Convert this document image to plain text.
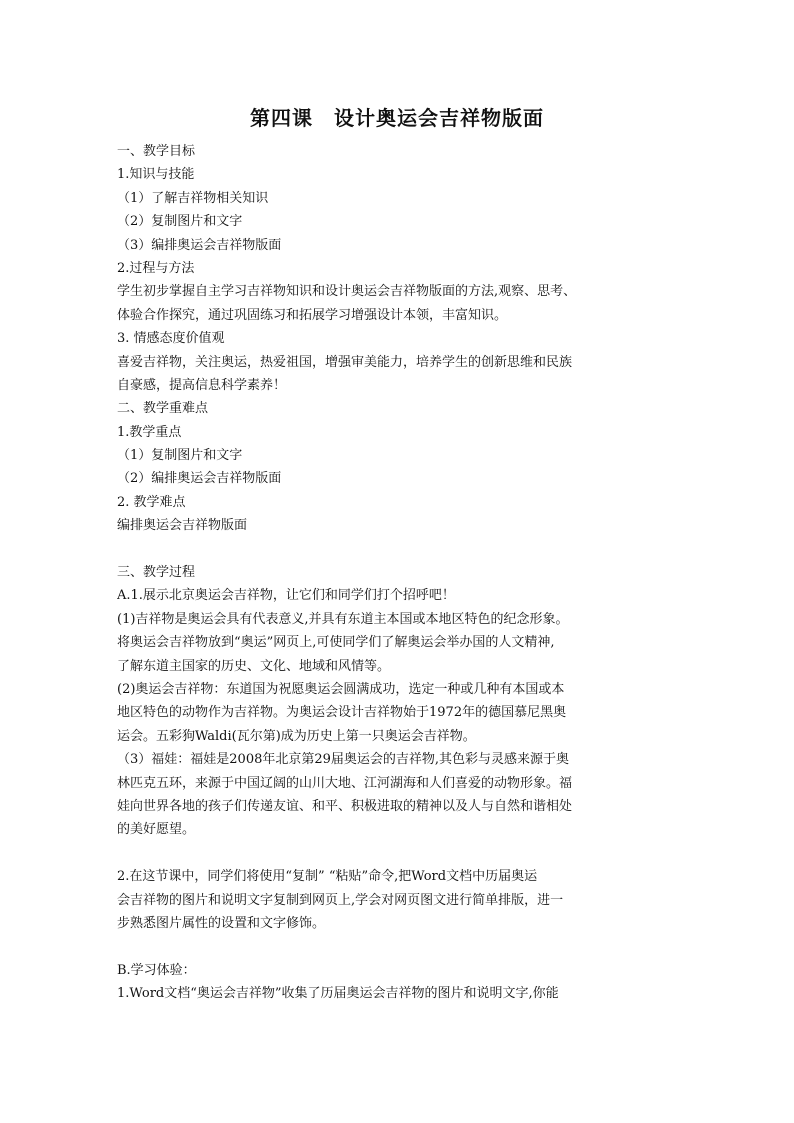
第四课　设计奥运会吉祥物版面
一、教学目标
1.知识与技能
（1）了解吉祥物相关知识
（2）复制图片和文字
（3）编排奥运会吉祥物版面
2.过程与方法
学生初步掌握自主学习吉祥物知识和设计奥运会吉祥物版面的方法,观察、思考、
体验合作探究，通过巩固练习和拓展学习增强设计本领，丰富知识。
3. 情感态度价值观
喜爱吉祥物，关注奥运，热爱祖国，增强审美能力，培养学生的创新思维和民族
自豪感，提高信息科学素养！
二、教学重难点
1.教学重点
（1）复制图片和文字
（2）编排奥运会吉祥物版面
2. 教学难点
编排奥运会吉祥物版面
三、教学过程
A.1.展示北京奥运会吉祥物，让它们和同学们打个招呼吧！
(1)吉祥物是奥运会具有代表意义,并具有东道主本国或本地区特色的纪念形象。
将奥运会吉祥物放到“奥运”网页上,可使同学们了解奥运会举办国的人文精神,
了解东道主国家的历史、文化、地域和风情等。
(2)奥运会吉祥物：东道国为祝愿奥运会圆满成功，选定一种或几种有本国或本
地区特色的动物作为吉祥物。为奥运会设计吉祥物始于1972年的德国慕尼黑奥
运会。五彩狗Waldi(瓦尔第)成为历史上第一只奥运会吉祥物。
（3）福娃：福娃是2008年北京第29届奥运会的吉祥物,其色彩与灵感来源于奥
林匹克五环，来源于中国辽阔的山川大地、江河湖海和人们喜爱的动物形象。福
娃向世界各地的孩子们传递友谊、和平、积极进取的精神以及人与自然和谐相处
的美好愿望。
2.在这节课中，同学们将使用“复制” “粘贴”命令,把Word文档中历届奥运
会吉祥物的图片和说明文字复制到网页上,学会对网页图文进行简单排版，进一
步熟悉图片属性的设置和文字修饰。
B.学习体验：
1.Word文档“奥运会吉祥物”收集了历届奥运会吉祥物的图片和说明文字,你能
